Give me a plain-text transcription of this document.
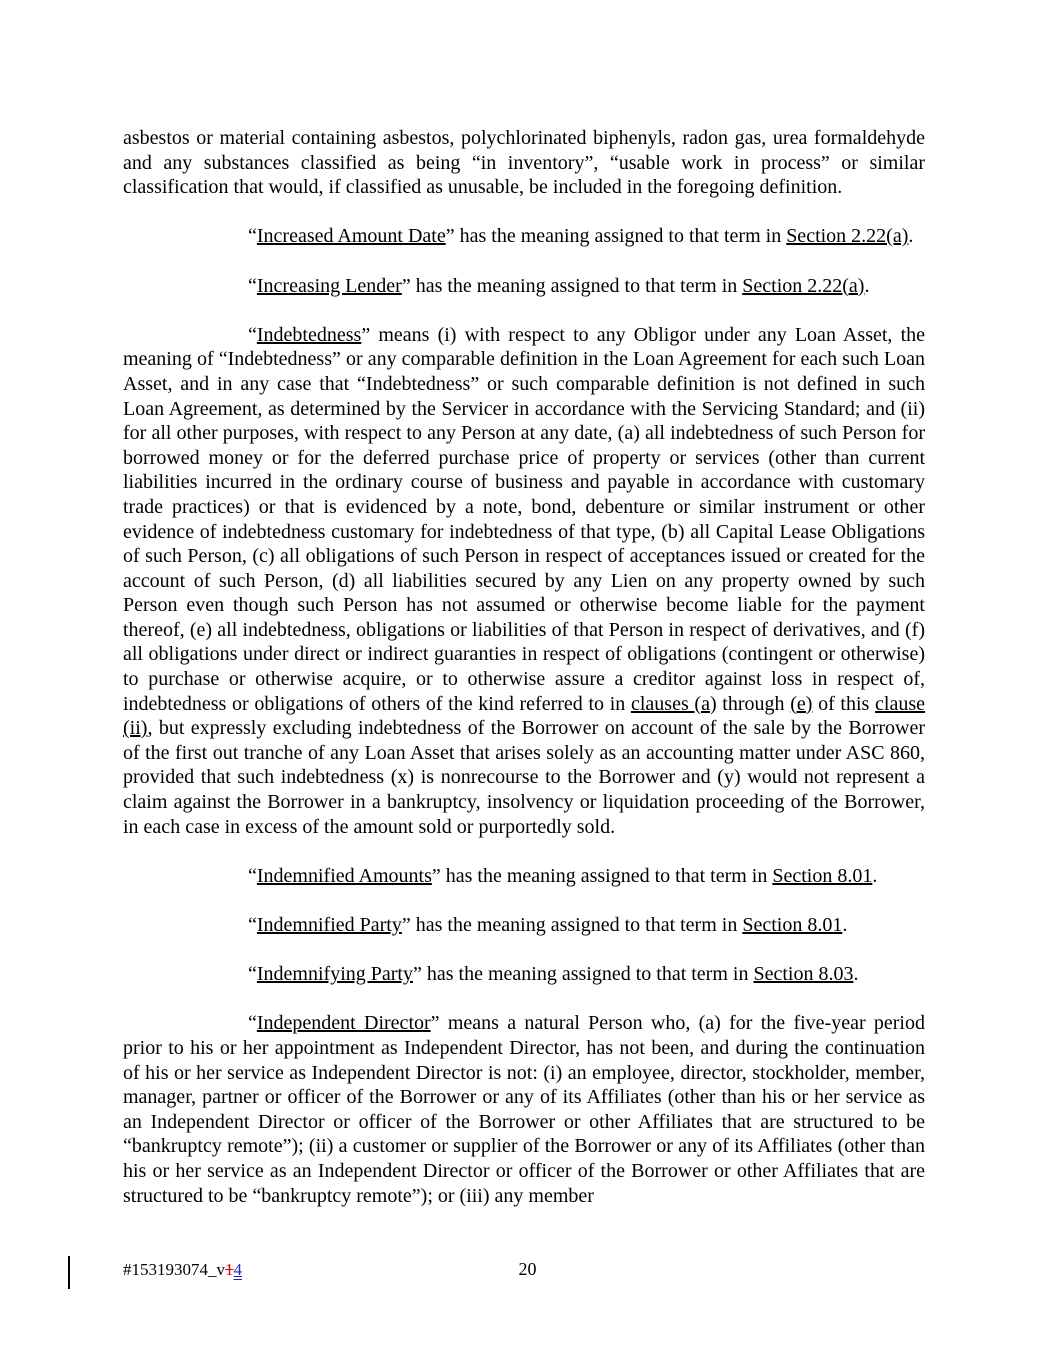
asbestos or material containing asbestos, polychlorinated biphenyls, radon gas, urea formaldehyde and any substances classified as being “in inventory”, “usable work in process” or similar classification that would, if classified as unusable, be included in the foregoing definition.

“Increased Amount Date” has the meaning assigned to that term in Section 2.22(a).

“Increasing Lender” has the meaning assigned to that term in Section 2.22(a).

“Indebtedness” means (i) with respect to any Obligor under any Loan Asset, the meaning of “Indebtedness” or any comparable definition in the Loan Agreement for each such Loan Asset, and in any case that “Indebtedness” or such comparable definition is not defined in such Loan Agreement, as determined by the Servicer in accordance with the Servicing Standard; and (ii) for all other purposes, with respect to any Person at any date, (a) all indebtedness of such Person for borrowed money or for the deferred purchase price of property or services (other than current liabilities incurred in the ordinary course of business and payable in accordance with customary trade practices) or that is evidenced by a note, bond, debenture or similar instrument or other evidence of indebtedness customary for indebtedness of that type, (b) all Capital Lease Obligations of such Person, (c) all obligations of such Person in respect of acceptances issued or created for the account of such Person, (d) all liabilities secured by any Lien on any property owned by such Person even though such Person has not assumed or otherwise become liable for the payment thereof, (e) all indebtedness, obligations or liabilities of that Person in respect of derivatives, and (f) all obligations under direct or indirect guaranties in respect of obligations (contingent or otherwise) to purchase or otherwise acquire, or to otherwise assure a creditor against loss in respect of, indebtedness or obligations of others of the kind referred to in clauses (a) through (e) of this clause (ii), but expressly excluding indebtedness of the Borrower on account of the sale by the Borrower of the first out tranche of any Loan Asset that arises solely as an accounting matter under ASC 860, provided that such indebtedness (x) is nonrecourse to the Borrower and (y) would not represent a claim against the Borrower in a bankruptcy, insolvency or liquidation proceeding of the Borrower, in each case in excess of the amount sold or purportedly sold.

“Indemnified Amounts” has the meaning assigned to that term in Section 8.01.

“Indemnified Party” has the meaning assigned to that term in Section 8.01.

“Indemnifying Party” has the meaning assigned to that term in Section 8.03.

“Independent Director” means a natural Person who, (a) for the five-year period prior to his or her appointment as Independent Director, has not been, and during the continuation of his or her service as Independent Director is not: (i) an employee, director, stockholder, member, manager, partner or officer of the Borrower or any of its Affiliates (other than his or her service as an Independent Director or officer of the Borrower or other Affiliates that are structured to be “bankruptcy remote”); (ii) a customer or supplier of the Borrower or any of its Affiliates (other than his or her service as an Independent Director or officer of the Borrower or other Affiliates that are structured to be “bankruptcy remote”); or (iii) any member

#153193074_v14	20
